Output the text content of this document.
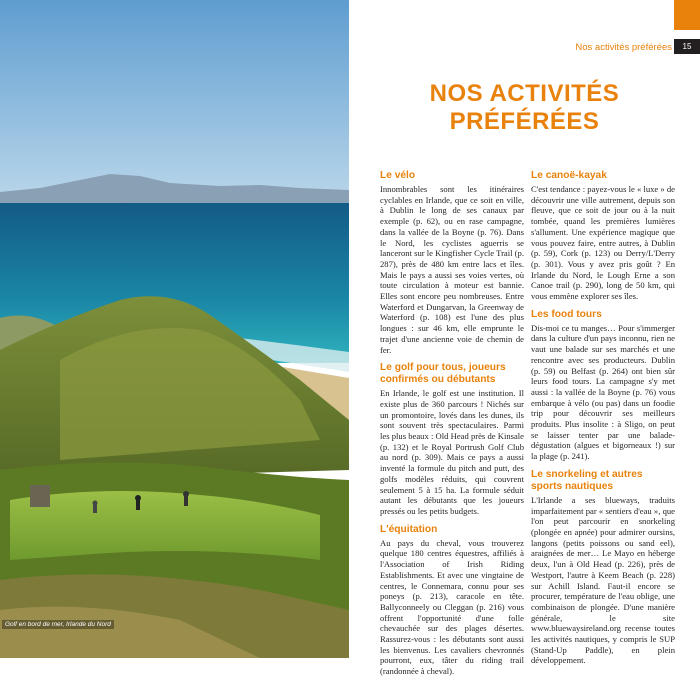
Golf en bord de mer, Irlande du Nord
Nos activités préférées	15
NOS ACTIVITÉS
PRÉFÉRÉES
Le vélo

Innombrables sont les itinéraires cyclables en Irlande, que ce soit en ville, à Dublin le long de ses canaux par exemple (p. 62), ou en rase campagne, dans la vallée de la Boyne (p. 76). Dans le Nord, les cyclistes aguerris se lanceront sur le Kingfisher Cycle Trail (p. 287), près de 480 km entre lacs et îles. Mais le pays a aussi ses voies vertes, où toute circulation à moteur est bannie. Elles sont encore peu nombreuses. Entre Waterford et Dungarvan, la Greenway de Waterford (p. 108) est l'une des plus longues : sur 46 km, elle emprunte le trajet d'une ancienne voie de chemin de fer.

Le golf pour tous, joueurs confirmés ou débutants

En Irlande, le golf est une institution. Il existe plus de 360 parcours ! Nichés sur un promontoire, lovés dans les dunes, ils sont souvent très spectaculaires. Parmi les plus beaux : Old Head près de Kinsale (p. 132) et le Royal Portrush Golf Club au nord (p. 309). Mais ce pays a aussi inventé la formule du pitch and putt, des golfs modèles réduits, qui couvrent seulement 5 à 15 ha. La formule séduit autant les débutants que les joueurs pressés ou les petits budgets.

L'équitation

Au pays du cheval, vous trouverez quelque 180 centres équestres, affiliés à l'Association of Irish Riding Establishments. Et avec une vingtaine de centres, le Connemara, connu pour ses poneys (p. 213), caracole en tête. Ballyconneely ou Cleggan (p. 216) vous offrent l'opportunité d'une folle chevauchée sur des plages désertes. Rassurez-vous : les débutants sont aussi les bienvenus. Les cavaliers chevronnés pourront, eux, tâter du riding trail (randonnée à cheval).

Le canoë-kayak

C'est tendance : payez-vous le « luxe » de découvrir une ville autrement, depuis son fleuve, que ce soit de jour ou à la nuit tombée, quand les premières lumières s'allument. Une expérience magique que vous pouvez faire, entre autres, à Dublin (p. 59), Cork (p. 123) ou Derry/L'Derry (p. 301). Vous y avez pris goût ? En Irlande du Nord, le Lough Erne a son Canoe trail (p. 290), long de 50 km, qui vous emmène explorer ses îles.

Les food tours

Dis-moi ce tu manges… Pour s'immerger dans la culture d'un pays inconnu, rien ne vaut une balade sur ses marchés et une rencontre avec ses producteurs. Dublin (p. 59) ou Belfast (p. 264) ont bien sûr leurs food tours. La campagne s'y met aussi : la vallée de la Boyne (p. 76) vous embarque à vélo (ou pas) dans un foodie trip pour découvrir ses meilleurs produits. Plus insolite : à Sligo, on peut se laisser tenter par une balade-dégustation (algues et bigorneaux !) sur la plage (p. 241).

Le snorkeling et autres sports nautiques

L'Irlande a ses blueways, traduits imparfaitement par « sentiers d'eau », que l'on peut parcourir en snorkeling (plongée en apnée) pour admirer oursins, langons (petits poissons ou sand eel), araignées de mer… Le Mayo en héberge deux, l'un à Old Head (p. 226), près de Westport, l'autre à Keem Beach (p. 228) sur Achill Island. Faut-il encore se procurer, température de l'eau oblige, une combinaison de plongée. D'une manière générale, le site www.bluewaysireland.org recense toutes les activités nautiques, y compris le SUP (Stand-Up Paddle), en plein développement.
